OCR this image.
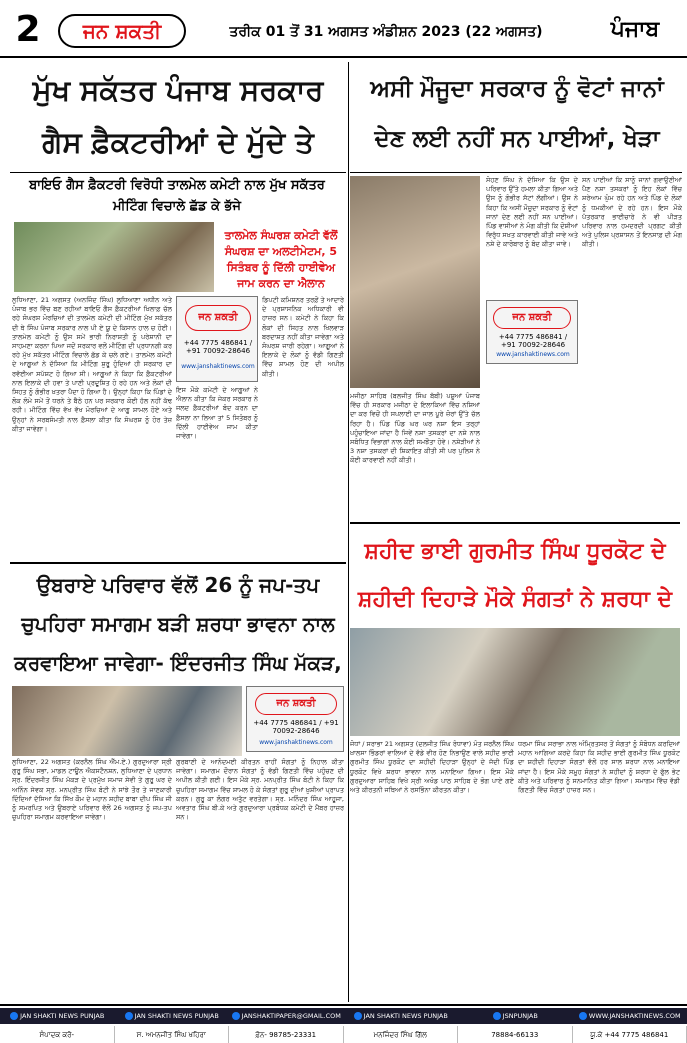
2	ਜਨ ਸ਼ਕਤੀ	ਤਰੀਕ 01 ਤੋਂ 31 ਅਗਸਤ ਅੰਡੀਸ਼ਨ 2023 (22 ਅਗਸਤ)	ਪੰਜਾਬ
ਮੁੱਖ ਸਕੱਤਰ ਪੰਜਾਬ ਸਰਕਾਰ ਗੈਸ ਫ਼ੈਕਟਰੀਆਂ ਦੇ ਮੁੱਦੇ ਤੇ
ਬਾਇਓ ਗੈਸ ਫ਼ੈਕਟਰੀ ਵਿਰੋਧੀ ਤਾਲਮੇਲ ਕਮੇਟੀ ਨਾਲ ਮੁੱਖ ਸਕੱਤਰ ਮੀਟਿੰਗ ਵਿਚਾਲੇ ਛੱਡ ਕੇ ਭੱਜੇ
ਤਾਲਮੇਲ ਸੰਘਰਸ਼ ਕਮੇਟੀ ਵੱਲੋਂ ਸੰਘਰਸ਼ ਦਾ ਅਲਟੀਮੇਟਮ, 5 ਸਿਤੰਬਰ ਨੂੰ ਦਿੱਲੀ ਹਾਈਵੇਅ ਜਾਮ ਕਰਨ ਦਾ ਐਲਾਨ
ਲੁਧਿਆਣਾ, 21 ਅਗਸਤ (ਅਨਜਿੰਦ ਸਿੰਘ) ਲੁਧਿਆਣਾ ਅਧੀਨ ਅਤੇ ਪੰਜਾਬ ਭਰ ਵਿੱਚ ਬਣ ਰਹੀਆਂ ਬਾਇਓ ਗੈਸ ਫ਼ੈਕਟਰੀਆਂ ਖ਼ਿਲਾਫ਼ ਚੱਲ ਰਹੇ ਸੰਘਰਸ਼ ਮੋਰਚਿਆਂ ਦੀ ਤਾਲਮੇਲ ਕਮੇਟੀ ਦੀ ਮੀਟਿੰਗ ਮੁੱਖ ਸਕੱਤਰ ਦੀ ਥੇ ਸਿੰਘ ਪੰਜਾਬ ਸਰਕਾਰ ਨਾਲ ਪੀ ਏ ਯੂ ਦੇ ਕਿਸਾਨ ਹਾਲ ਚ ਹੋਈ। ਤਾਲਮੇਲ ਕਮੇਟੀ ਨੂੰ ਉਸ ਸਮੇਂ ਭਾਰੀ ਨਿਰਾਸ਼ਤੀ ਨੂੰ ਪਰੇਸ਼ਾਨੀ ਦਾ ਸਾਹਮਣਾ ਕਰਨਾ ਪਿਆ ਜਦੋਂ ਸਰਕਾਰ ਵਲੋਂ ਮੀਟਿੰਗ ਦੀ ਪ੍ਰਧਾਨਗੀ ਕਰ ਰਹੇ ਮੁੱਖ ਸਕੱਤਰ ਮੀਟਿੰਗ ਵਿਚਾਲੇ ਛੱਡ ਕੇ ਚਲੇ ਗਏ। ਤਾਲਮੇਲ ਕਮੇਟੀ ਦੇ ਆਗੂਆਂ ਨੇ ਦੱਸਿਆ ਕਿ ਮੀਟਿੰਗ ਸ਼ੁਰੂ ਹੁੰਦਿਆਂ ਹੀ ਸਰਕਾਰ ਦਾ ਰਵੱਈਆ ਸਪੱਸ਼ਟ ਹੋ ਗਿਆ ਸੀ। ਆਗੂਆਂ ਨੇ ਕਿਹਾ ਕਿ ਫ਼ੈਕਟਰੀਆਂ ਨਾਲ ਇਲਾਕੇ ਦੀ ਹਵਾ ਤੇ ਪਾਣੀ ਪ੍ਰਦੂਸ਼ਿਤ ਹੋ ਰਹੇ ਹਨ ਅਤੇ ਲੋਕਾਂ ਦੀ ਸਿਹਤ ਨੂੰ ਗੰਭੀਰ ਖ਼ਤਰਾ ਪੈਦਾ ਹੋ ਗਿਆ ਹੈ। ਉਨ੍ਹਾਂ ਕਿਹਾ ਕਿ ਪਿੰਡਾਂ ਦੇ ਲੋਕ ਲੰਮੇ ਸਮੇਂ ਤੋਂ ਧਰਨੇ ਤੇ ਬੈਠੇ ਹਨ ਪਰ ਸਰਕਾਰ ਕੋਈ ਹੱਲ ਨਹੀਂ ਕੱਢ ਰਹੀ। ਮੀਟਿੰਗ ਵਿੱਚ ਵੱਖ ਵੱਖ ਮੋਰਚਿਆਂ ਦੇ ਆਗੂ ਸ਼ਾਮਲ ਹੋਏ ਅਤੇ ਉਨ੍ਹਾਂ ਨੇ ਸਰਬਸੰਮਤੀ ਨਾਲ ਫ਼ੈਸਲਾ ਕੀਤਾ ਕਿ ਸੰਘਰਸ਼ ਨੂੰ ਹੋਰ ਤੇਜ਼ ਕੀਤਾ ਜਾਵੇਗਾ।
ਜਨ ਸ਼ਕਤੀ
+44 7775 486841 / +91 70092-28646
www.janshaktinews.com
ਇਸ ਮੌਕੇ ਕਮੇਟੀ ਦੇ ਆਗੂਆਂ ਨੇ ਐਲਾਨ ਕੀਤਾ ਕਿ ਜੇਕਰ ਸਰਕਾਰ ਨੇ ਜਲਦ ਫ਼ੈਕਟਰੀਆਂ ਬੰਦ ਕਰਨ ਦਾ ਫ਼ੈਸਲਾ ਨਾ ਲਿਆ ਤਾਂ 5 ਸਿਤੰਬਰ ਨੂੰ ਦਿੱਲੀ ਹਾਈਵੇਅ ਜਾਮ ਕੀਤਾ ਜਾਵੇਗਾ।
ਡਿਪਟੀ ਕਮਿਸ਼ਨਰ ਤਰਫ਼ੋਂ ਤੇ ਆਦਾਰੇ ਦੇ ਪ੍ਰਸ਼ਾਸਨਿਕ ਅਧਿਕਾਰੀ ਵੀ ਹਾਜ਼ਰ ਸਨ। ਕਮੇਟੀ ਨੇ ਕਿਹਾ ਕਿ ਲੋਕਾਂ ਦੀ ਸਿਹਤ ਨਾਲ ਖਿਲਵਾੜ ਬਰਦਾਸ਼ਤ ਨਹੀਂ ਕੀਤਾ ਜਾਵੇਗਾ ਅਤੇ ਸੰਘਰਸ਼ ਜਾਰੀ ਰਹੇਗਾ। ਆਗੂਆਂ ਨੇ ਇਲਾਕੇ ਦੇ ਲੋਕਾਂ ਨੂੰ ਵੱਡੀ ਗਿਣਤੀ ਵਿੱਚ ਸ਼ਾਮਲ ਹੋਣ ਦੀ ਅਪੀਲ ਕੀਤੀ।
ਅਸੀ ਮੌਜੂਦਾ ਸਰਕਾਰ ਨੂੰ ਵੋਟਾਂ ਜਾਨਾਂ ਦੇਣ ਲਈ ਨਹੀਂ ਸਨ ਪਾਈਆਂ, ਖੇੜਾ
ਮਜੀਠਾ ਸਾਹਿਬ (ਬਲਜੀਤ ਸਿੰਘ ਬੱਬੀ) ਪਸ਼ੂਆਂ ਪੰਜਾਬ ਵਿੱਚ ਹੀ ਸਰਕਾਰ ਮਜੀਠਾ ਦੇ ਇਲਾਕਿਆਂ ਵਿੱਚ ਨਸ਼ਿਆਂ ਦਾ ਕਰ ਵਿਚੋਂ ਹੀ ਸਪਲਾਈ ਦਾ ਜਾਲ ਪੂਰੇ ਜ਼ੋਰਾਂ ਉੱਤੇ ਚੱਲ ਰਿਹਾ ਹੈ। ਪਿੰਡ ਪਿੰਡ ਘਰ ਘਰ ਨਸ਼ਾ ਇਸ ਤਰ੍ਹਾਂ ਪਹੁੰਚਾਇਆ ਜਾਂਦਾ ਹੈ ਜਿਵੇਂ ਨਸ਼ਾ ਤਸਕਰਾਂ ਦਾ ਨਸ਼ੇ ਨਾਲ ਸਬੰਧਿਤ ਵਿਭਾਗਾਂ ਨਾਲ ਕੋਈ ਸਮਝੌਤਾ ਹੋਵੇ। ਨਸ਼ੇੜੀਆਂ ਨੇ 3 ਨਸ਼ਾ ਤਸਕਰਾਂ ਦੀ ਸ਼ਿਕਾਇਤ ਕੀਤੀ ਸੀ ਪਰ ਪੁਲਿਸ ਨੇ ਕੋਈ ਕਾਰਵਾਈ ਨਹੀਂ ਕੀਤੀ।
ਸੋਹਣ ਸਿੰਘ ਨੇ ਦੱਸਿਆ ਕਿ ਉਸ ਦੇ ਪਰਿਵਾਰ ਉੱਤੇ ਹਮਲਾ ਕੀਤਾ ਗਿਆ ਅਤੇ ਉਸ ਨੂੰ ਗੰਭੀਰ ਸੱਟਾਂ ਲੱਗੀਆਂ। ਉਸ ਨੇ ਕਿਹਾ ਕਿ ਅਸੀਂ ਮੌਜੂਦਾ ਸਰਕਾਰ ਨੂੰ ਵੋਟਾਂ ਜਾਨਾਂ ਦੇਣ ਲਈ ਨਹੀਂ ਸਨ ਪਾਈਆਂ। ਪਿੰਡ ਵਾਸੀਆਂ ਨੇ ਮੰਗ ਕੀਤੀ ਕਿ ਦੋਸ਼ੀਆਂ ਵਿਰੁੱਧ ਸਖ਼ਤ ਕਾਰਵਾਈ ਕੀਤੀ ਜਾਵੇ ਅਤੇ ਨਸ਼ੇ ਦੇ ਕਾਰੋਬਾਰ ਨੂੰ ਬੰਦ ਕੀਤਾ ਜਾਵੇ।
ਜਨ ਸ਼ਕਤੀ
+44 7775 486841 / +91 70092-28646
www.janshaktinews.com
ਸਨ ਪਾਈਆਂ ਕਿ ਸਾਨੂੰ ਜਾਨਾਂ ਗਵਾਉਣੀਆਂ ਪੈਣ ਨਸ਼ਾ ਤਸਕਰਾਂ ਨੂੰ ਇਹ ਲੋਕਾਂ ਵਿੱਚ ਸ਼ਰੇਆਮ ਘੁੰਮ ਰਹੇ ਹਨ ਅਤੇ ਪਿੰਡ ਦੇ ਲੋਕਾਂ ਨੂੰ ਧਮਕੀਆਂ ਦੇ ਰਹੇ ਹਨ। ਇਸ ਮੌਕੇ ਪੱਤਰਕਾਰ ਭਾਈਚਾਰੇ ਨੇ ਵੀ ਪੀੜਤ ਪਰਿਵਾਰ ਨਾਲ ਹਮਦਰਦੀ ਪ੍ਰਗਟ ਕੀਤੀ ਅਤੇ ਪੁਲਿਸ ਪ੍ਰਸ਼ਾਸਨ ਤੋਂ ਇਨਸਾਫ਼ ਦੀ ਮੰਗ ਕੀਤੀ।
ਸ਼ਹੀਦ ਭਾਈ ਗੁਰਮੀਤ ਸਿੰਘ ਧੂਰਕੋਟ ਦੇ ਸ਼ਹੀਦੀ ਦਿਹਾੜੇ ਮੌਕੇ ਸੰਗਤਾਂ ਨੇ ਸ਼ਰਧਾ ਦੇ
ਜੋਧਾਂ / ਸਰਾਭਾ 21 ਅਗਸਤ (ਦਲਜੀਤ ਸਿੰਘ ਰੰਧਾਵਾ) ਮੰਤ ਜਰਨੈਲ ਸਿੰਘ ਖ਼ਾਲਸਾ ਭਿੰਡਰਾਂ ਵਾਲਿਆਂ ਦੇ ਵੱਡੇ ਵੀਰ ਹੋਣ ਨਿਭਾਉਣ ਵਾਲੇ ਸਹੀਦ ਭਾਈ ਗੁਰਮੀਤ ਸਿੰਘ ਧੂਰਕੋਟ ਦਾ ਸ਼ਹੀਦੀ ਦਿਹਾੜਾ ਉਨ੍ਹਾਂ ਦੇ ਜੱਦੀ ਪਿੰਡ ਧੂਰਕੋਟ ਵਿਖੇ ਸ਼ਰਧਾ ਭਾਵਨਾ ਨਾਲ ਮਨਾਇਆ ਗਿਆ। ਇਸ ਮੌਕੇ ਗੁਰਦੁਆਰਾ ਸਾਹਿਬ ਵਿਖੇ ਸ੍ਰੀ ਅਖੰਡ ਪਾਠ ਸਾਹਿਬ ਦੇ ਭੋਗ ਪਾਏ ਗਏ ਅਤੇ ਕੀਰਤਨੀ ਜਥਿਆਂ ਨੇ ਰਸਭਿੰਨਾ ਕੀਰਤਨ ਕੀਤਾ।
ਧਰਮਾ ਸਿੰਘ ਸਰਾਭਾ ਨਾਲ ਅੰਮ੍ਰਿਤਸਰ ਤੋਂ ਸੰਗਤਾਂ ਨੂੰ ਸੰਬੋਧਨ ਕਰਦਿਆਂ ਮਹਾਨ ਆਗਿਆ ਕਰਦੇ ਕਿਹਾ ਕਿ ਸ਼ਹੀਦ ਭਾਈ ਗੁਰਮੀਤ ਸਿੰਘ ਧੂਰਕੋਟ ਦਾ ਸ਼ਹੀਦੀ ਦਿਹਾੜਾ ਸੰਗਤਾਂ ਵੱਲੋਂ ਹਰ ਸਾਲ ਸ਼ਰਧਾ ਨਾਲ ਮਨਾਇਆ ਜਾਂਦਾ ਹੈ। ਇਸ ਮੌਕੇ ਸਮੂਹ ਸੰਗਤਾਂ ਨੇ ਸ਼ਹੀਦਾਂ ਨੂੰ ਸ਼ਰਧਾ ਦੇ ਫੁੱਲ ਭੇਟ ਕੀਤੇ ਅਤੇ ਪਰਿਵਾਰ ਨੂੰ ਸਨਮਾਨਿਤ ਕੀਤਾ ਗਿਆ। ਸਮਾਗਮ ਵਿੱਚ ਵੱਡੀ ਗਿਣਤੀ ਵਿੱਚ ਸੰਗਤਾਂ ਹਾਜ਼ਰ ਸਨ।
ਉਬਰਾਏ ਪਰਿਵਾਰ ਵੱਲੋਂ 26 ਨੂੰ ਜਪ-ਤਪ ਚੁਪਹਿਰਾ ਸਮਾਗਮ ਬੜੀ ਸ਼ਰਧਾ ਭਾਵਨਾ ਨਾਲ ਕਰਵਾਇਆ ਜਾਵੇਗਾ- ਇੰਦਰਜੀਤ ਸਿੰਘ ਮੱਕੜ,
ਜਨ ਸ਼ਕਤੀ
+44 7775 486841 / +91 70092-28646
www.janshaktinews.com
ਲੁਧਿਆਣਾ, 22 ਅਗਸਤ (ਕਰਨੈਲ ਸਿੰਘ ਐੱਮ.ਏ.) ਗੁਰਦੁਆਰਾ ਸ੍ਰੀ ਗੁਰੂ ਸਿੰਘ ਸਭਾ, ਮਾਡਲ ਟਾਊਨ ਐਕਸਟੈਨਸ਼ਨ, ਲੁਧਿਆਣਾ ਦੇ ਪ੍ਰਧਾਨ ਸ੍ਰ. ਇੰਦਰਜੀਤ ਸਿੰਘ ਮੱਕੜ ਦੇ ਪ੍ਰਮੁੱਖ ਸਮਾਜ ਸੇਵੀ ਤੇ ਗੁਰੂ ਘਰ ਦੇ ਅਨਿੰਨ ਸੇਵਕ ਸ੍ਰ. ਮਨਪ੍ਰੀਤ ਸਿੰਘ ਬੰਟੀ ਨੇ ਸਾਂਝੇ ਤੌਰ ਤੇ ਜਾਣਕਾਰੀ ਦਿੰਦਿਆਂ ਦੱਸਿਆ ਕਿ ਸਿੱਖ ਕੌਮ ਦੇ ਮਹਾਨ ਸ਼ਹੀਦ ਬਾਬਾ ਦੀਪ ਸਿੰਘ ਜੀ ਨੂੰ ਸਮਰਪਿਤ ਅਤੇ ਉਬਰਾਏ ਪਰਿਵਾਰ ਵੱਲੋਂ 26 ਅਗਸਤ ਨੂੰ ਜਪ-ਤਪ ਚੁਪਹਿਰਾ ਸਮਾਗਮ ਕਰਵਾਇਆ ਜਾਵੇਗਾ।
ਗੁਰਬਾਣੀ ਦੇ ਆਨੰਦਮਈ ਕੀਰਤਨ ਰਾਹੀਂ ਸੰਗਤਾਂ ਨੂੰ ਨਿਹਾਲ ਕੀਤਾ ਜਾਵੇਗਾ। ਸਮਾਗਮ ਦੌਰਾਨ ਸੰਗਤਾਂ ਨੂੰ ਵੱਡੀ ਗਿਣਤੀ ਵਿੱਚ ਪਹੁੰਚਣ ਦੀ ਅਪੀਲ ਕੀਤੀ ਗਈ। ਇਸ ਮੌਕੇ ਸ੍ਰ. ਮਨਪ੍ਰੀਤ ਸਿੰਘ ਬੰਟੀ ਨੇ ਕਿਹਾ ਕਿ ਚੁਪਹਿਰਾ ਸਮਾਗਮ ਵਿੱਚ ਸ਼ਾਮਲ ਹੋ ਕੇ ਸੰਗਤਾਂ ਗੁਰੂ ਦੀਆਂ ਖ਼ੁਸ਼ੀਆਂ ਪ੍ਰਾਪਤ ਕਰਨ। ਗੁਰੂ ਕਾ ਲੰਗਰ ਅਤੁੱਟ ਵਰਤੇਗਾ। ਸ੍ਰ. ਮਨਿੰਦਰ ਸਿੰਘ ਆਹੂਜਾ, ਅਵਤਾਰ ਸਿੰਘ ਬੀ.ਕੇ ਅਤੇ ਗੁਰਦੁਆਰਾ ਪ੍ਰਬੰਧਕ ਕਮੇਟੀ ਦੇ ਮੈਂਬਰ ਹਾਜ਼ਰ ਸਨ।
JAN SHAKTI NEWS PUNJAB	JAN SHAKTI NEWS PUNJAB	JANSHAKTIPAPER@GMAIL.COM	JAN SHAKTI NEWS PUNJAB	JSNPUNJAB	WWW.JANSHAKTINEWS.COM
ਸੰਪਾਦਕ ਕਰੋ-	ਸ. ਅਮਨਜੀਤ ਸਿੰਘ ਖਹਿਰਾ	ਫ਼ੋਨ- 98785-23331	ਮਨਜਿੰਦਰ ਸਿੰਘ ਗਿੱਲ	78884-66133	ਯੂ.ਕੇ +44 7775 486841
